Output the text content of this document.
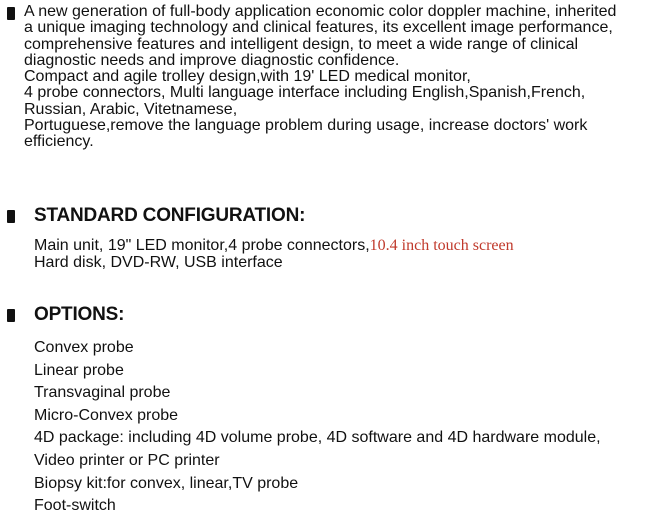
A new generation of full-body application economic color doppler machine, inherited

a unique imaging technology and clinical features, its excellent image performance,

comprehensive features and intelligent design, to meet a wide range of clinical

diagnostic needs and improve diagnostic confidence.

Compact and agile trolley design,with 19' LED medical monitor,

4 probe connectors, Multi language interface including English,Spanish,French,

Russian, Arabic, Vitetnamese,

Portuguese,remove the language problem during usage, increase doctors' work

efficiency.

STANDARD CONFIGURATION:

Main unit, 19" LED monitor,4 probe connectors,10.4 inch touch screen

Hard disk, DVD-RW, USB interface

OPTIONS:
Convex probe
Linear probe
Transvaginal probe
Micro-Convex probe
4D package: including 4D volume probe, 4D software and 4D hardware module,
Video printer or PC printer
Biopsy kit:for convex, linear,TV probe
Foot-switch
